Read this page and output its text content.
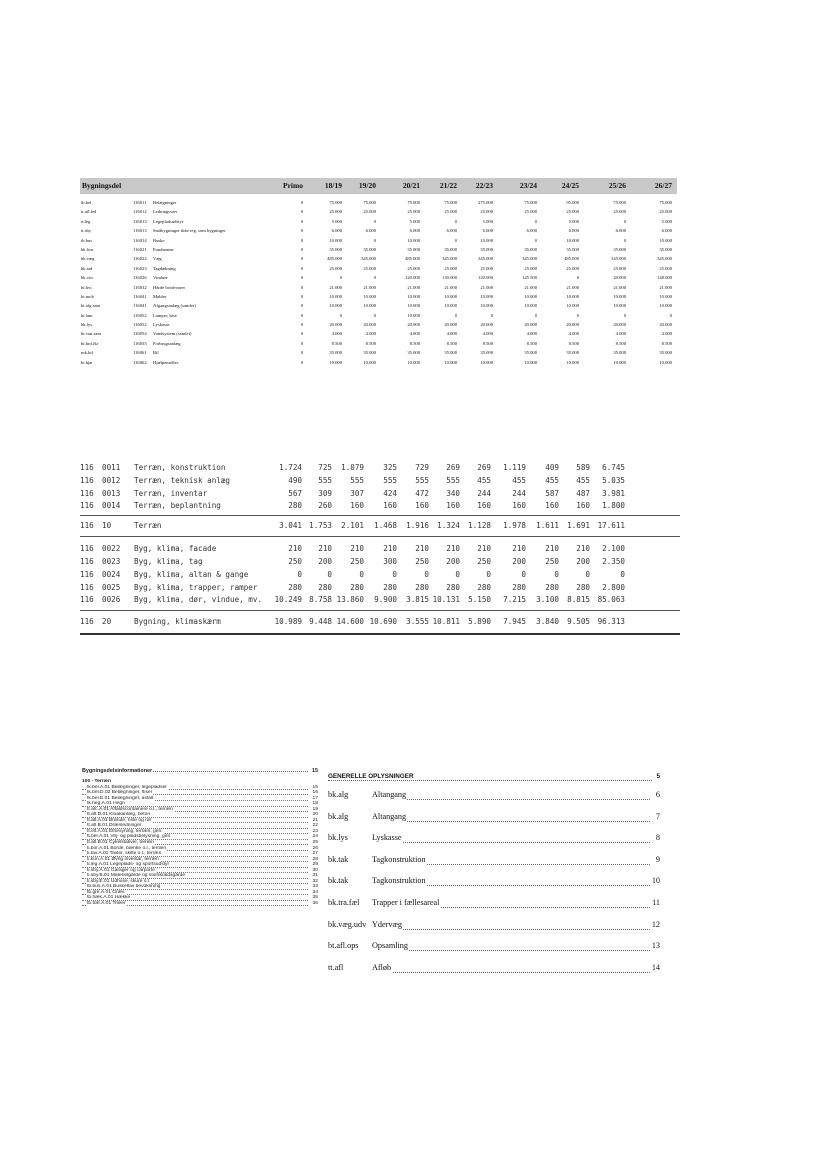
Bygningsdel	Primo	18/19	19/20	20/21	21/22	22/23	23/24	24/25	25/26	26/27
tb.bel	116011 Belægninger	0	75.000	75.000	75.000	75.000	275.000	75.000	95.000	75.000	75.000
tt.afl.led	116012 Ledningsvæs	0	25.000	25.000	25.000	25.000	25.000	25.000	25.000	25.000	25.000
tt.leg	116013 Legepladsudstyr	0	5.000	0	5.000	0	5.000	0	5.000	0	5.000
tt.sby	116013 Småbygninger ikke reg. som bygninger	0	6.000	6.000	6.000	6.000	6.000	6.000	6.000	6.000	6.000
tb.bus	116014 Buske	0	10.000	0	10.000	0	10.000	0	10.000	0	10.000
bk.fun	116021 Fundament	0	35.000	35.000	35.000	35.000	35.000	35.000	35.000	35.000	35.000
bk.væg	116022 Væg	0	485.000	345.000	485.000	345.000	345.000	345.000	485.000	345.000	345.000
bk.tad	116023 Tagdækning	0	25.000	25.000	25.000	25.000	25.000	25.000	25.000	25.000	25.000
bk.vin	116026 Vinduer	0	0	0	120.000	130.000	120.000	145.500	0	20.000	148.000
bi.hvi	116032 Hårde hvidevarer	0	21.000	21.000	21.000	21.000	21.000	21.000	21.000	21.000	21.000
bi.mob	116041 Møbler	0	10.000	10.000	10.000	10.000	10.000	10.000	10.000	10.000	10.000
bi.afg.sam	116041 Afgangsanlæg (samlet)	0	10.000	10.000	10.000	10.000	10.000	10.000	10.000	10.000	10.000
bi.lam	116052 Lamper, løse	0	0	0	10.000	0	0	0	0	0	0
bk.lys	116052 Lyskasse	0	20.000	20.000	20.000	20.000	20.000	20.000	20.000	20.000	20.000
bi.van.sam	116054 Vandsystem (samlet)	0	4.000	4.000	4.000	4.000	4.000	4.000	4.000	4.000	4.000
bi.brd.fkr	116055 Forbrugsanlæg	0	8.500	8.500	8.500	8.500	8.500	8.500	8.500	8.500	8.500
mk.bil	116061 Bil	0	35.000	35.000	35.000	35.000	35.000	35.000	35.000	35.000	35.000
bi.hjæ	116062 Hjælpemidler	0	10.000	10.000	10.000	10.000	10.000	10.000	10.000	10.000	10.000
116 0011 Terræn, konstruktion	1.724	725	1.079	325	729	269	269	1.119	409	589	6.745
116 0012 Terræn, teknisk anlæg	490	555	555	555	555	555	455	455	455	455	5.035
116 0013 Terræn, inventar	567	309	307	424	472	340	244	244	587	487	3.981
116 0014 Terræn, beplantning	280	260	160	160	160	160	160	160	160	160	1.800
116 10	Terræn	3.041 1.753	2.101	1.468	1.916	1.324	1.128	1.978	1.611	1.691 17.611
116 0022 Byg, klima, facade	210	210	210	210	210	210	210	210	210	210	2.100
116 0023 Byg, klima, tag	250	200	250	300	250	200	250	200	250	200	2.350
116 0024 Byg, klima, altan & gange	0	0	0	0	0	0	0	0	0	0	0
116 0025 Byg, klima, trapper, ramper	280	280	280	280	280	280	280	280	280	280	2.800
116 0026 Byg, klima, dør, vindue, mv.	10.249 8.758 13.860	9.900	3.815 10.131	5.150	7.215	3.100	8.815 85.063
116 20	Bygning, klimaskærm	10.989 9.448 14.600 10.690	3.555 10.811	5.890	7.945	3.840	9.505 96.313
Bygningsdelsinformationer	15
100 - Terræn
tk.bel.A.01 Belægninger, legepladser	15
tk.bel.D.02 Belægninger, fliser	16
tk.bel.E.01 Belægninger, asfalt	17
tk.heg.A.01 Hegn	18
tt.afc.A.01 Affaldscontainere o.l., terræn	19
tt.afl.D.01 Kloakanlæg, beton	20
tt.afl.A.01 Brønde, riste og rør	21
tt.afl.B.01 Drænledninger	22
tt.elt.A.01 Elforsyning, terræn, gen.	23
tt.bel.A.01 Vej- og pladsbelysning, gen.	24
tt.afl.B.01 Cykelstativer, terræn	25
ti.bor.A.01 Borde, bænke o.l., terræn	26
ti.tav.A.01 Tavler, skilte o.l., terræn	27
ti.kun.A.01 Øvrig inventar, terræn	28
ti.leg.A.01 Legeplads- og sportsudstyr	29
ti.sby.A.01 Garager og carporte	30
ti.sby.B.01 Materielgårde og storskraldsgårde	31
ti.sby.E.01 Udhuse, skure o.l.	32
tb.bus.A.01 Buskeflav bevoksning	33
tb.gre.A.01 Græs	34
tb.hæk.A.01 Hække	35
tb.træ.A.01 Træer	36
GENERELLE OPLYSNINGER	5
bk.alg	Altangang	6
bk.alg	Altangang	7
bk.lys	Lyskasse	8
bk.tak	Tagkonstruktion	9
bk.tak	Tagkonstruktion	10
bk.tra.fæl	Trapper i fællesareal	11
bk.væg.udv Ydervæg	12
bt.afl.ops	Opsamling	13
tt.afl	Afløb	14
